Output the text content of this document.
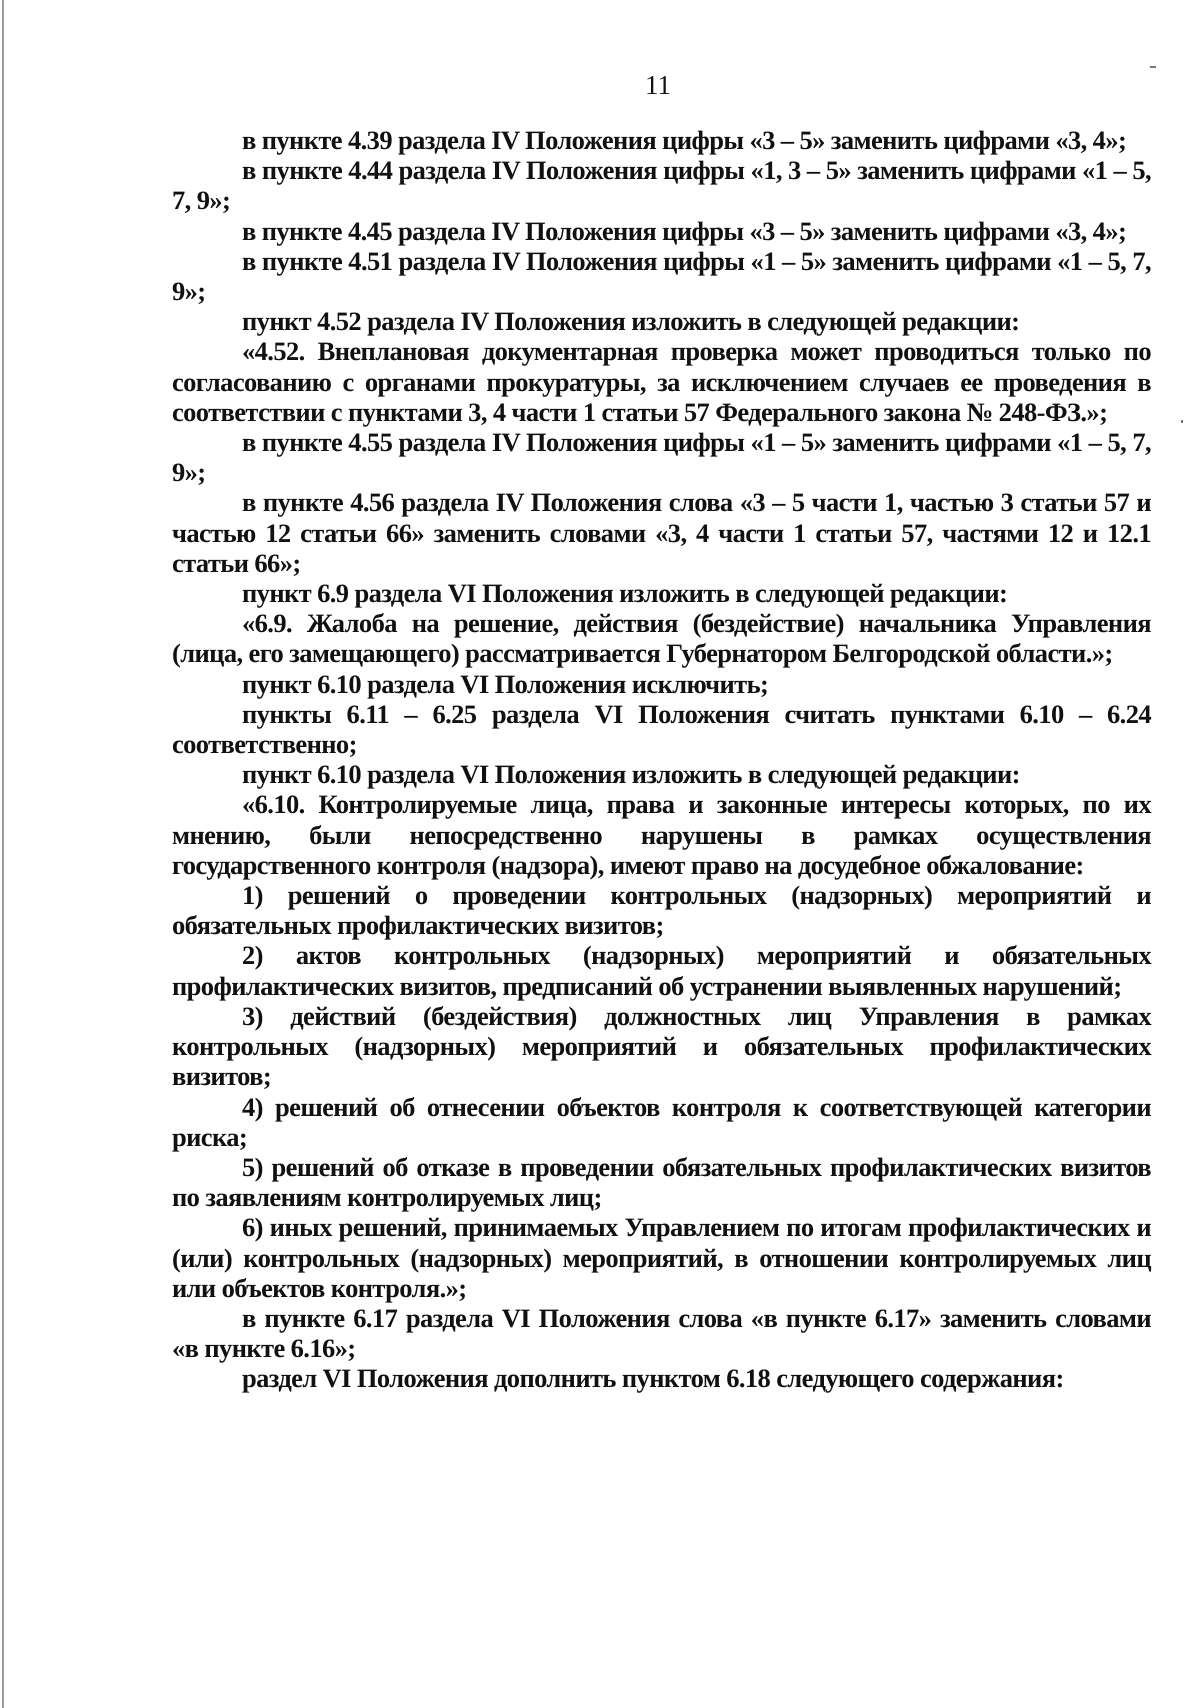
11

в пункте 4.39 раздела IV Положения цифры «3 – 5» заменить цифрами «3, 4»;

в пункте 4.44 раздела IV Положения цифры «1, 3 – 5» заменить цифрами «1 – 5, 7, 9»;

в пункте 4.45 раздела IV Положения цифры «3 – 5» заменить цифрами «3, 4»;

в пункте 4.51 раздела IV Положения цифры «1 – 5» заменить цифрами «1 – 5, 7, 9»;

пункт 4.52 раздела IV Положения изложить в следующей редакции:

«4.52. Внеплановая документарная проверка может проводиться только по согласованию с органами прокуратуры, за исключением случаев ее проведения в соответствии с пунктами 3, 4 части 1 статьи 57 Федерального закона № 248-ФЗ.»;

в пункте 4.55 раздела IV Положения цифры «1 – 5» заменить цифрами «1 – 5, 7, 9»;

в пункте 4.56 раздела IV Положения слова «3 – 5 части 1, частью 3 статьи 57 и частью 12 статьи 66» заменить словами «3, 4 части 1 статьи 57, частями 12 и 12.1 статьи 66»;

пункт 6.9 раздела VI Положения изложить в следующей редакции:

«6.9. Жалоба на решение, действия (бездействие) начальника Управления (лица, его замещающего) рассматривается Губернатором Белгородской области.»;

пункт 6.10 раздела VI Положения исключить;

пункты 6.11 – 6.25 раздела VI Положения считать пунктами 6.10 – 6.24 соответственно;

пункт 6.10 раздела VI Положения изложить в следующей редакции:

«6.10. Контролируемые лица, права и законные интересы которых, по их мнению, были непосредственно нарушены в рамках осуществления государственного контроля (надзора), имеют право на досудебное обжалование:

1) решений о проведении контрольных (надзорных) мероприятий и обязательных профилактических визитов;

2) актов контрольных (надзорных) мероприятий и обязательных профилактических визитов, предписаний об устранении выявленных нарушений;

3) действий (бездействия) должностных лиц Управления в рамках контрольных (надзорных) мероприятий и обязательных профилактических визитов;

4) решений об отнесении объектов контроля к соответствующей категории риска;

5) решений об отказе в проведении обязательных профилактических визитов по заявлениям контролируемых лиц;

6) иных решений, принимаемых Управлением по итогам профилактических и (или) контрольных (надзорных) мероприятий, в отношении контролируемых лиц или объектов контроля.»;

в пункте 6.17 раздела VI Положения слова «в пункте 6.17» заменить словами «в пункте 6.16»;

раздел VI Положения дополнить пунктом 6.18 следующего содержания:
